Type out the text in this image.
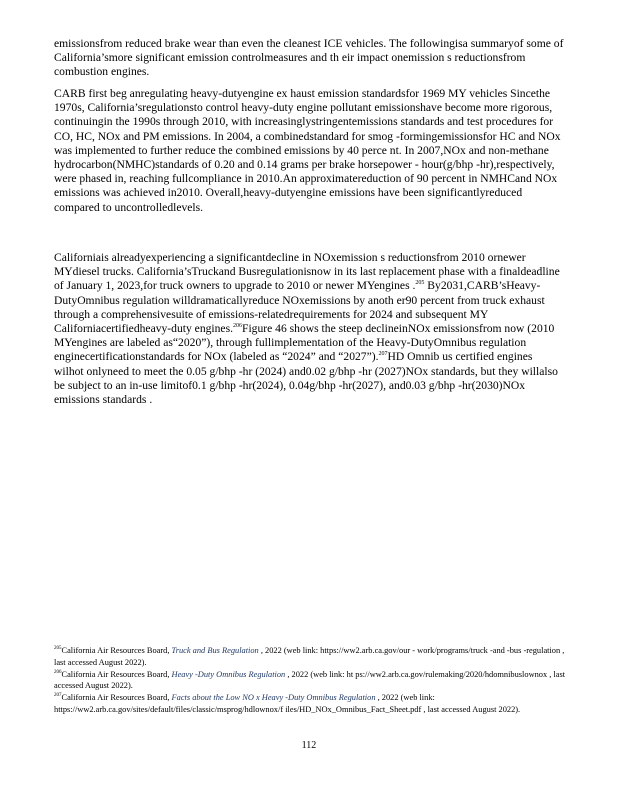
emissionsfrom reduced brake wear than even the cleanest ICE vehicles. The followingisa summaryof some of California’smore significant emission controlmeasures and th eir impact onemission s reductionsfrom combustion engines.

CARB first beg anregulating heavy-dutyengine ex haust emission standardsfor 1969 MY vehicles Sincethe 1970s, California’sregulationsto control heavy-duty engine pollutant emissionshave become more rigorous, continuingin the 1990s through 2010, with increasinglystringentemissions standards and test procedures for CO, HC, NOx and PM emissions. In 2004, a combinedstandard for smog -formingemissionsfor HC and NOx was implemented to further reduce the combined emissions by 40 perce nt. In 2007,NOx and non-methane hydrocarbon(NMHC)standards of 0.20 and 0.14 grams per brake horsepower - hour(g/bhp -hr),respectively, were phased in, reaching fullcompliance in 2010.An approximatereduction of 90 percent in NMHCand NOx emissions was achieved in2010. Overall,heavy-dutyengine emissions have been significantlyreduced compared to uncontrolledlevels.

Californiais alreadyexperiencing a significantdecline in NOxemission s reductionsfrom 2010 ornewer MYdiesel trucks. California’sTruckand Busregulationisnow in its last replacement phase with a finaldeadline of January 1, 2023,for truck owners to upgrade to 2010 or newer MYengines .$^{205}$ By2031,CARB’sHeavy-DutyOmnibus regulation willdramaticallyreduce NOxemissions by anoth er90 percent from truck exhaust through a comprehensivesuite of emissions-relatedrequirements for 2024 and subsequent MY Californiacertifiedheavy-duty engines.$^{206}$Figure 46 shows the steep declineinNOx emissionsfrom now (2010 MYengines are labeled as“2020”), through fullimplementation of the Heavy-DutyOmnibus regulation enginecertificationstandards for NOx (labeled as “2024” and “2027”).$^{207}$HD Omnib us certified engines wilhot onlyneed to meet the 0.05 g/bhp -hr (2024) and0.02 g/bhp -hr (2027)NOx standards, but they willalso be subject to an in-use limitof0.1 g/bhp -hr(2024), 0.04g/bhp -hr(2027), and0.03 g/bhp -hr(2030)NOx emissions standards .

$^{205}$California Air Resources Board, Truck and Bus Regulation , 2022 (web link: https://ww2.arb.ca.gov/our - work/programs/truck -and -bus -regulation , last accessed August 2022).

$^{206}$California Air Resources Board, Heavy -Duty Omnibus Regulation , 2022 (web link: ht ps://ww2.arb.ca.gov/rulemaking/2020/hdomnibuslownox , last accessed August 2022).

$^{207}$California Air Resources Board, Facts about the Low NO x Heavy -Duty Omnibus Regulation , 2022 (web link: https://ww2.arb.ca.gov/sites/default/files/classic/msprog/hdlownox/f iles/HD_NOx_Omnibus_Fact_Sheet.pdf , last accessed August 2022).

112
